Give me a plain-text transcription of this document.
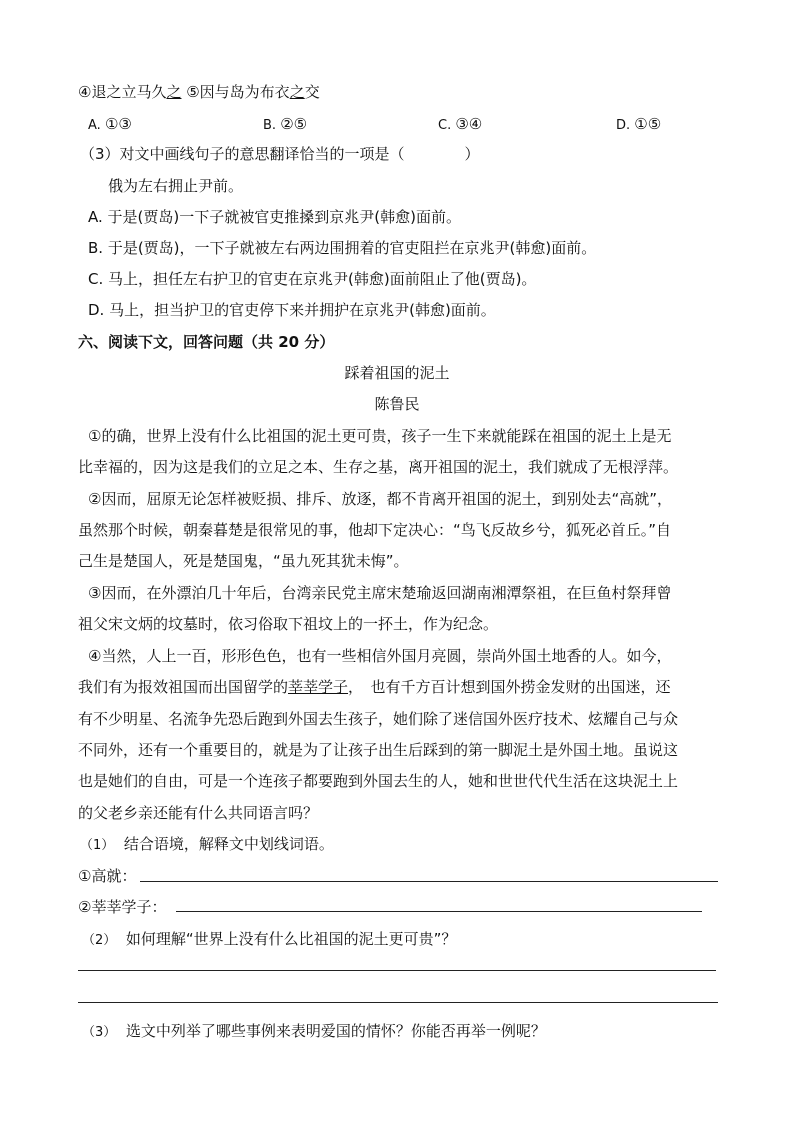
④退之立马久之 ⑤因与岛为布衣之交
A. ①③	B. ②⑤	C. ③④	D. ①⑤
（3）对文中画线句子的意思翻译恰当的一项是（　　　　）
俄为左右拥止尹前。
A. 于是(贾岛)一下子就被官吏推搡到京兆尹(韩愈)面前。
B. 于是(贾岛)，一下子就被左右两边围拥着的官吏阻拦在京兆尹(韩愈)面前。
C. 马上，担任左右护卫的官吏在京兆尹(韩愈)面前阻止了他(贾岛)。
D. 马上，担当护卫的官吏停下来并拥护在京兆尹(韩愈)面前。
六、阅读下文，回答问题（共 20 分）
踩着祖国的泥土
陈鲁民
①的确，世界上没有什么比祖国的泥土更可贵，孩子一生下来就能踩在祖国的泥土上是无
比幸福的，因为这是我们的立足之本、生存之基，离开祖国的泥土，我们就成了无根浮萍。
②因而，屈原无论怎样被贬损、排斥、放逐，都不肯离开祖国的泥土，到别处去“高就”，
虽然那个时候，朝秦暮楚是很常见的事，他却下定决心：“鸟飞反故乡兮，狐死必首丘。”自
己生是楚国人，死是楚国鬼，“虽九死其犹未悔”。
③因而，在外漂泊几十年后，台湾亲民党主席宋楚瑜返回湖南湘潭祭祖，在巨鱼村祭拜曾
祖父宋文炳的坟墓时，依习俗取下祖坟上的一抔土，作为纪念。
④当然，人上一百，形形色色，也有一些相信外国月亮圆，崇尚外国土地香的人。如今，
我们有为报效祖国而出国留学的莘莘学子，　也有千方百计想到国外捞金发财的出国迷，还
有不少明星、名流争先恐后跑到外国去生孩子，她们除了迷信国外医疗技术、炫耀自己与众
不同外，还有一个重要目的，就是为了让孩子出生后踩到的第一脚泥土是外国土地。虽说这
也是她们的自由，可是一个连孩子都要跑到外国去生的人，她和世世代代生活在这块泥土上
的父老乡亲还能有什么共同语言吗？
（1） 结合语境，解释文中划线词语。
①高就：
②莘莘学子：
（2） 如何理解“世界上没有什么比祖国的泥土更可贵”？
（3） 选文中列举了哪些事例来表明爱国的情怀？你能否再举一例呢？
